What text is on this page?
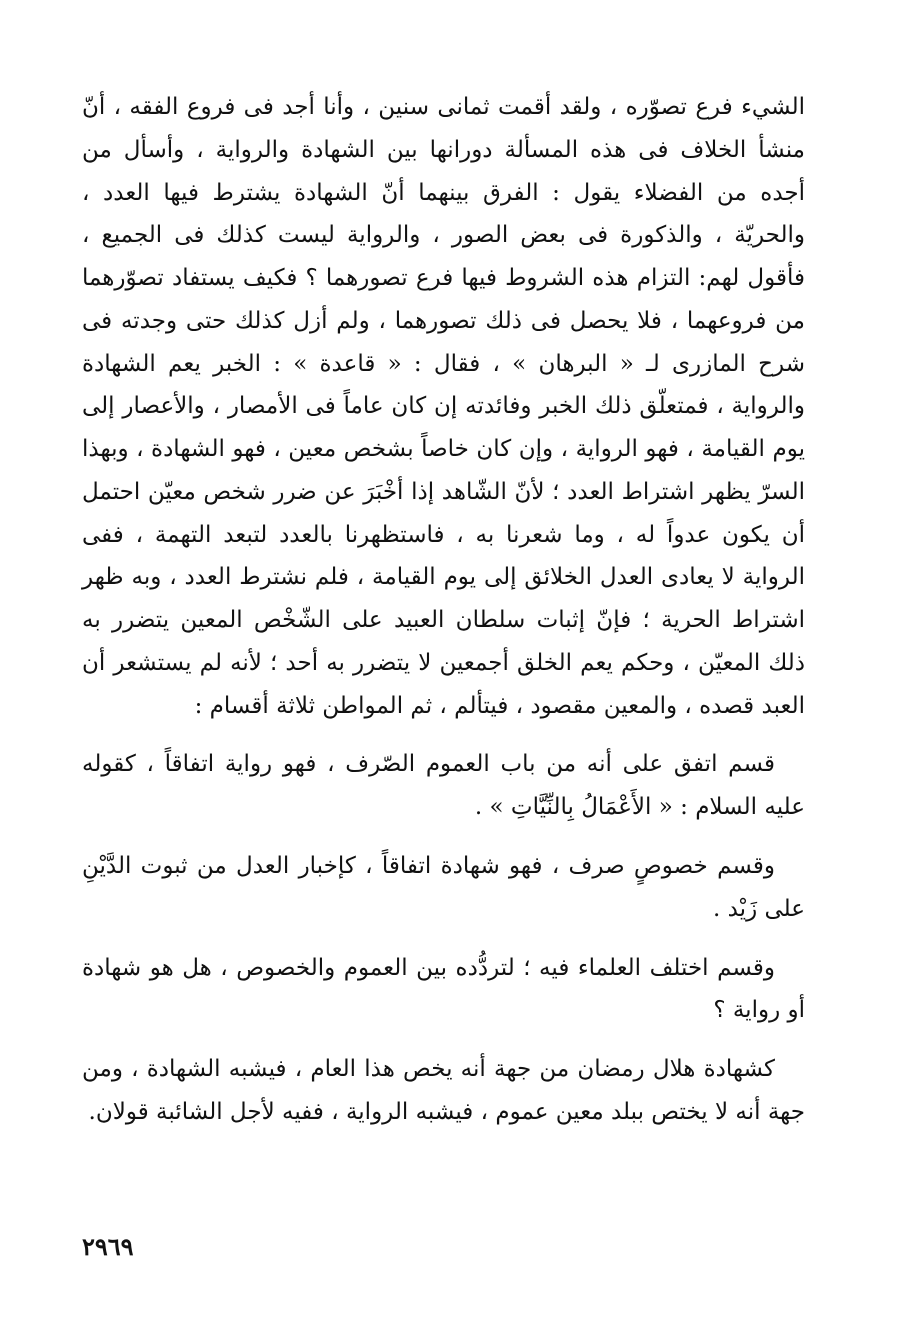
الشيء فرع تصوّره ، ولقد أقمت ثمانى سنين ، وأنا أجد فى فروع الفقه ، أنّ منشأ الخلاف فى هذه المسألة دورانها بين الشهادة والرواية ، وأسأل من أجده من الفضلاء يقول : الفرق بينهما أنّ الشهادة يشترط فيها العدد ، والحريّة ، والذكورة فى بعض الصور ، والرواية ليست كذلك فى الجميع ، فأقول لهم: التزام هذه الشروط فيها فرع تصورهما ؟ فكيف يستفاد تصوّرهما من فروعهما ، فلا يحصل فى ذلك تصورهما ، ولم أزل كذلك حتى وجدته فى شرح المازرى لـ « البرهان » ، فقال : « قاعدة » : الخبر يعم الشهادة والرواية ، فمتعلّق ذلك الخبر وفائدته إن كان عاماً فى الأمصار ، والأعصار إلى يوم القيامة ، فهو الرواية ، وإن كان خاصاً بشخص معين ، فهو الشهادة ، وبهذا السرّ يظهر اشتراط العدد ؛ لأنّ الشّاهد إذا أخْبَرَ عن ضرر شخص معيّن احتمل أن يكون عدواً له ، وما شعرنا به ، فاستظهرنا بالعدد لتبعد التهمة ، ففى الرواية لا يعادى العدل الخلائق إلى يوم القيامة ، فلم نشترط العدد ، وبه ظهر اشتراط الحرية ؛ فإنّ إثبات سلطان العبيد على الشّخْص المعين يتضرر به ذلك المعيّن ، وحكم يعم الخلق أجمعين لا يتضرر به أحد ؛ لأنه لم يستشعر أن العبد قصده ، والمعين مقصود ، فيتألم ، ثم المواطن ثلاثة أقسام :

قسم اتفق على أنه من باب العموم الصّرف ، فهو رواية اتفاقاً ، كقوله عليه السلام : « الأَعْمَالُ بِالنِّيَّاتِ » .

وقسم خصوصٍ صرف ، فهو شهادة اتفاقاً ، كإخبار العدل من ثبوت الدَّيْنِ على زَيْد .

وقسم اختلف العلماء فيه ؛ لتردُّده بين العموم والخصوص ، هل هو شهادة أو رواية ؟

كشهادة هلال رمضان من جهة أنه يخص هذا العام ، فيشبه الشهادة ، ومن جهة أنه لا يختص ببلد معين عموم ، فيشبه الرواية ، ففيه لأجل الشائبة قولان.

٢٩٦٩
